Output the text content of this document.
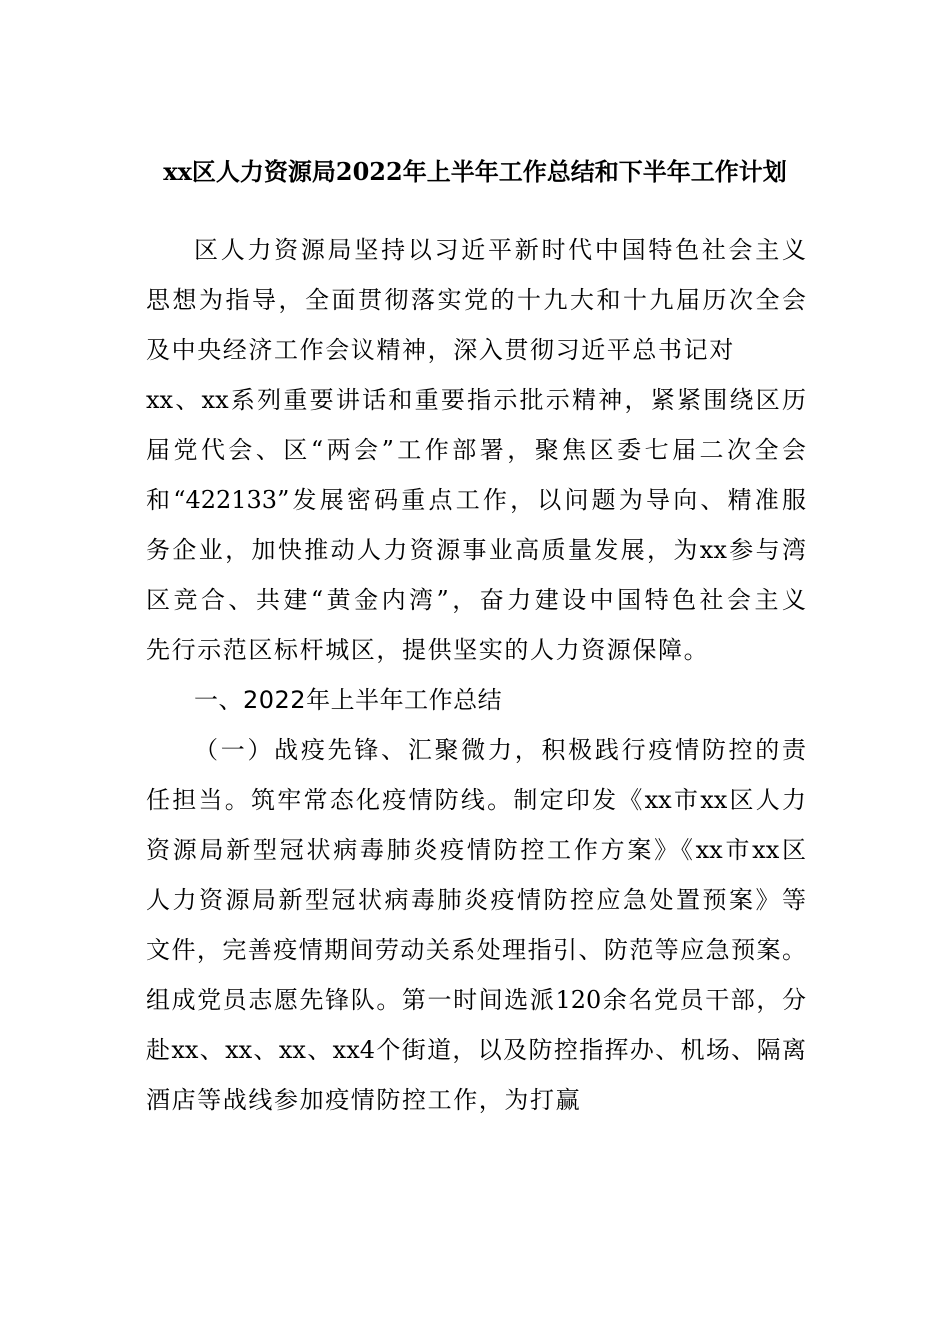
xx区人力资源局2022年上半年工作总结和下半年工作计划
区人力资源局坚持以习近平新时代中国特色社会主义
思想为指导，全面贯彻落实党的十九大和十九届历次全会
及中央经济工作会议精神，深入贯彻习近平总书记对
xx、xx系列重要讲话和重要指示批示精神，紧紧围绕区历
届党代会、区“两会”工作部署，聚焦区委七届二次全会
和“422133”发展密码重点工作，以问题为导向、精准服
务企业，加快推动人力资源事业高质量发展，为xx参与湾
区竞合、共建“黄金内湾”，奋力建设中国特色社会主义
先行示范区标杆城区，提供坚实的人力资源保障。
一、2022年上半年工作总结
（一）战疫先锋、汇聚微力，积极践行疫情防控的责
任担当。筑牢常态化疫情防线。制定印发《xx市xx区人力
资源局新型冠状病毒肺炎疫情防控工作方案》《xx市xx区
人力资源局新型冠状病毒肺炎疫情防控应急处置预案》等
文件，完善疫情期间劳动关系处理指引、防范等应急预案。
组成党员志愿先锋队。第一时间选派120余名党员干部，分
赴xx、xx、xx、xx4个街道，以及防控指挥办、机场、隔离
酒店等战线参加疫情防控工作，为打赢
